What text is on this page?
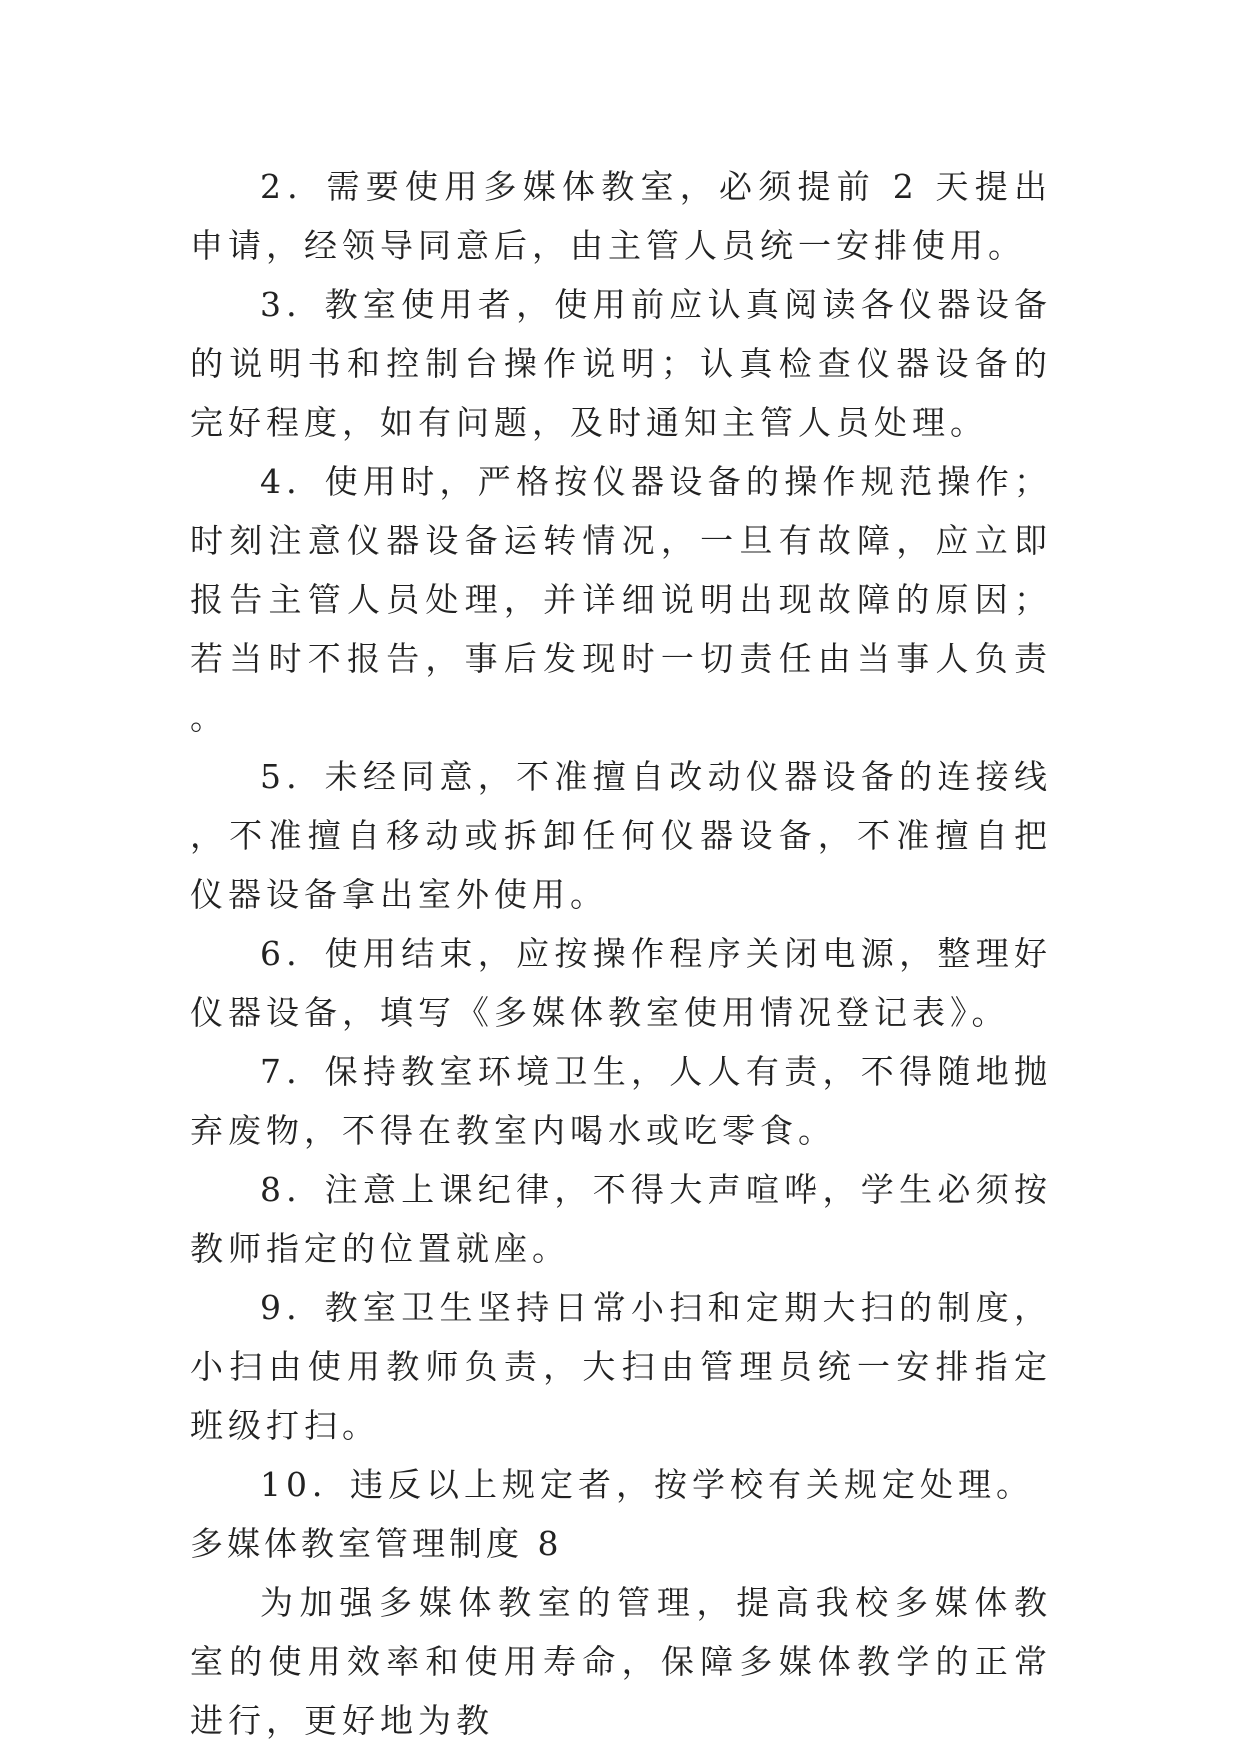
2．需要使用多媒体教室，必须提前 2 天提出申请，经领导同意后，由主管人员统一安排使用。

3．教室使用者，使用前应认真阅读各仪器设备的说明书和控制台操作说明；认真检查仪器设备的完好程度，如有问题，及时通知主管人员处理。

4．使用时，严格按仪器设备的操作规范操作；时刻注意仪器设备运转情况，一旦有故障，应立即报告主管人员处理，并详细说明出现故障的原因；若当时不报告，事后发现时一切责任由当事人负责。

5．未经同意，不准擅自改动仪器设备的连接线，不准擅自移动或拆卸任何仪器设备，不准擅自把仪器设备拿出室外使用。

6．使用结束，应按操作程序关闭电源，整理好仪器设备，填写《多媒体教室使用情况登记表》。

7．保持教室环境卫生，人人有责，不得随地抛弃废物，不得在教室内喝水或吃零食。

8．注意上课纪律，不得大声喧哗，学生必须按教师指定的位置就座。

9．教室卫生坚持日常小扫和定期大扫的制度，小扫由使用教师负责，大扫由管理员统一安排指定班级打扫。

10．违反以上规定者，按学校有关规定处理。

多媒体教室管理制度 8

为加强多媒体教室的管理，提高我校多媒体教室的使用效率和使用寿命，保障多媒体教学的正常进行，更好地为教
